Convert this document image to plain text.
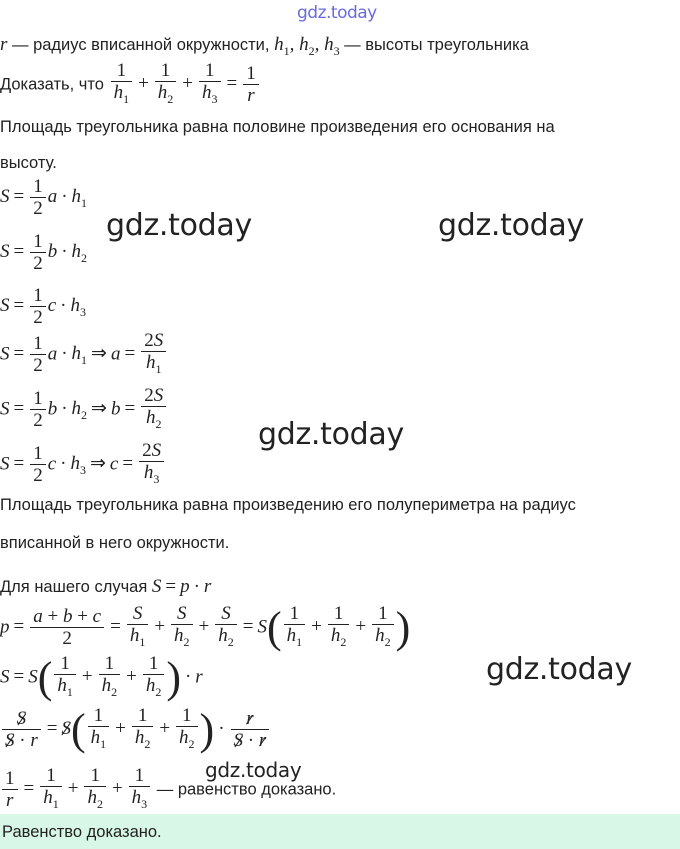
gdz.today
r — радиус вписанной окружности, $h_1$, $h_2$, $h_3$ — высоты треугольника
Доказать, что $\frac{1}{h_1} + \frac{1}{h_2} + \frac{1}{h_3} = \frac{1}{r}$
Площадь треугольника равна половине произведения его основания на
высоту.
$S = \frac{1}{2}$ $a \cdot h_1$
$S = \frac{1}{2}$ $b \cdot h_2$
$S = \frac{1}{2}$ $c \cdot h_3$
$S = \frac{1}{2}$ $a \cdot h_1$ ⇒ $a = \frac{2S}{h_1}$
$S = \frac{1}{2}$ $b \cdot h_2$ ⇒ $b = \frac{2S}{h_2}$
$S = \frac{1}{2}$ $c \cdot h_3$ ⇒ $c = \frac{2S}{h_3}$
Площадь треугольника равна произведению его полупериметра на радиус
вписанной в него окружности.
Для нашего случая S = p · r
$p = \frac{a + b + c}{2} = \frac{S}{h_1} + \frac{S}{h_2} + \frac{S}{h_2} = S( \frac{1}{h_1} + \frac{1}{h_2} + \frac{1}{h_2}$ )
$S = S( \frac{1}{h_1} + \frac{1}{h_2} + \frac{1}{h_2}$ ) · r
$\frac{S}{S \cdot r} = S( \frac{1}{h_1} + \frac{1}{h_2} + \frac{1}{h_2}$ ) · $\frac{r}{S \cdot r}$
$\frac{1}{r} = \frac{1}{h_1} + \frac{1}{h_2} + \frac{1}{h_3}$ — равенство доказано.
gdz.today	gdz.today
gdz.today
gdz.today
gdz.today
Равенство доказано.
